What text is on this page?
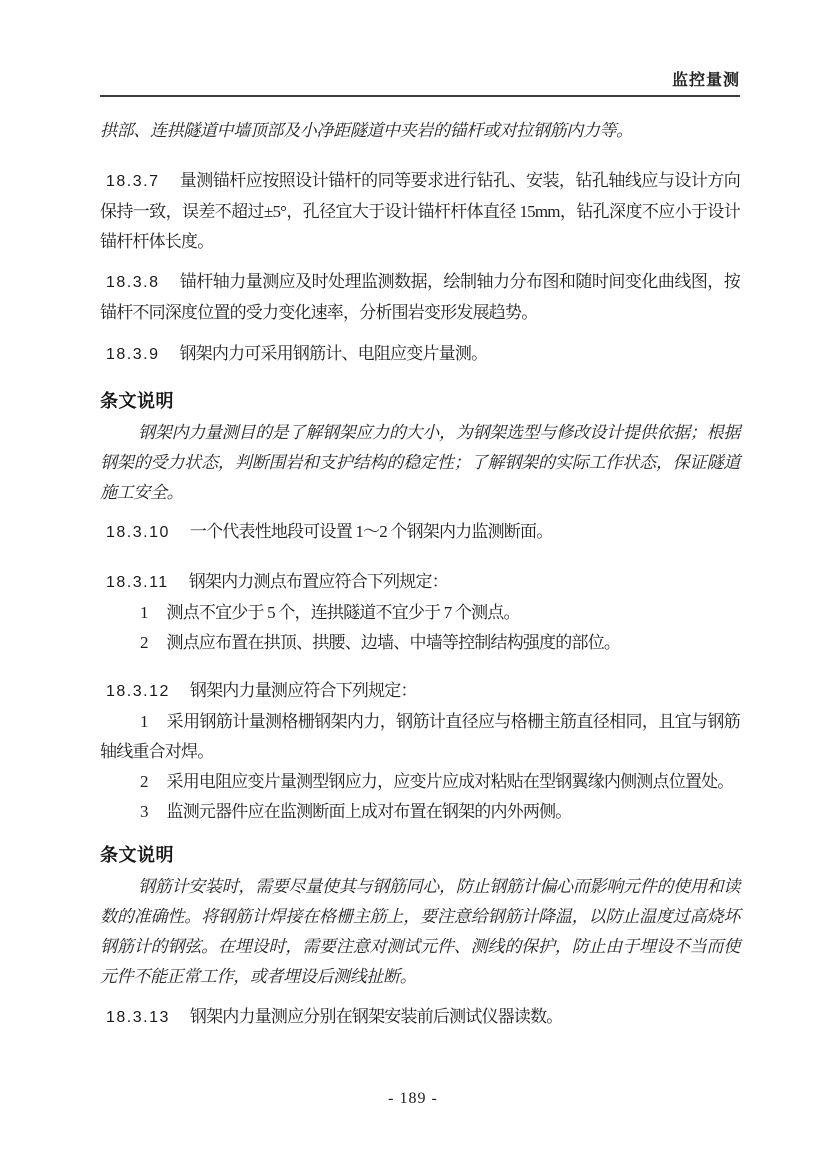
监控量测

拱部、连拱隧道中墙顶部及小净距隧道中夹岩的锚杆或对拉钢筋内力等。

18.3.7 量测锚杆应按照设计锚杆的同等要求进行钻孔、安装，钻孔轴线应与设计方向保持一致，误差不超过±5°，孔径宜大于设计锚杆杆体直径 15mm，钻孔深度不应小于设计锚杆杆体长度。

18.3.8 锚杆轴力量测应及时处理监测数据，绘制轴力分布图和随时间变化曲线图，按锚杆不同深度位置的受力变化速率，分析围岩变形发展趋势。

18.3.9 钢架内力可采用钢筋计、电阻应变片量测。

条文说明

钢架内力量测目的是了解钢架应力的大小，为钢架选型与修改设计提供依据；根据钢架的受力状态，判断围岩和支护结构的稳定性；了解钢架的实际工作状态，保证隧道施工安全。

18.3.10 一个代表性地段可设置 1～2 个钢架内力监测断面。

18.3.11 钢架内力测点布置应符合下列规定：

1 测点不宜少于 5 个，连拱隧道不宜少于 7 个测点。

2 测点应布置在拱顶、拱腰、边墙、中墙等控制结构强度的部位。

18.3.12 钢架内力量测应符合下列规定：

1 采用钢筋计量测格栅钢架内力，钢筋计直径应与格栅主筋直径相同，且宜与钢筋轴线重合对焊。

2 采用电阻应变片量测型钢应力，应变片应成对粘贴在型钢翼缘内侧测点位置处。

3 监测元器件应在监测断面上成对布置在钢架的内外两侧。

条文说明

钢筋计安装时，需要尽量使其与钢筋同心，防止钢筋计偏心而影响元件的使用和读数的准确性。将钢筋计焊接在格栅主筋上，要注意给钢筋计降温，以防止温度过高烧坏钢筋计的钢弦。在埋设时，需要注意对测试元件、测线的保护，防止由于埋设不当而使元件不能正常工作，或者埋设后测线扯断。

18.3.13 钢架内力量测应分别在钢架安装前后测试仪器读数。

- 189 -
